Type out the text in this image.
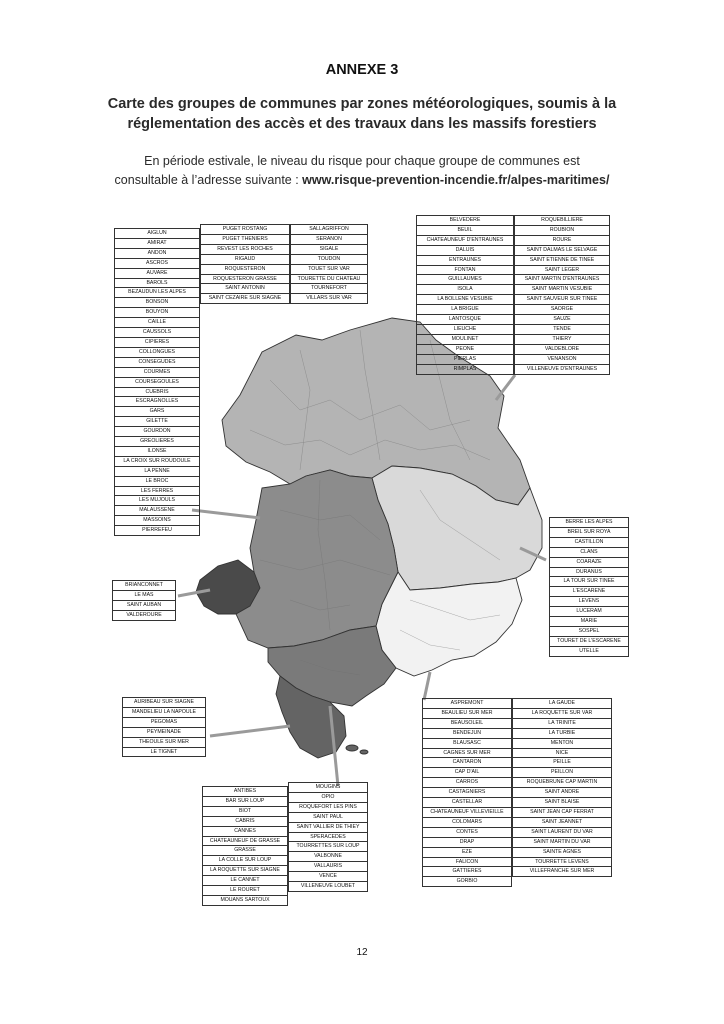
ANNEXE 3
Carte des groupes de communes par zones météorologiques, soumis à la
réglementation des accès et des travaux dans les massifs forestiers
En période estivale, le niveau du risque pour chaque groupe de communes est
consultable à l’adresse suivante : www.risque-prevention-incendie.fr/alpes-maritimes/
AIGLUN
AMIRAT
ANDON
ASCROS
AUVARE
BAROLS
BEZAUDUN LES ALPES
BONSON
BOUYON
CAILLE
CAUSSOLS
CIPIERES
COLLONGUES
CONSEGUDES
COURMES
COURSEGOULES
CUEBRIS
ESCRAGNOLLES
GARS
GILETTE
GOURDON
GREOLIERES
ILONSE
LA CROIX SUR ROUDOULE
LA PENNE
LE BROC
LES FERRES
LES MUJOULS
MALAUSSENE
MASSOINS
PIERREFEU
PUGET ROSTANG
PUGET THENIERS
REVEST LES ROCHES
RIGAUD
ROQUESTERON
ROQUESTERON GRASSE
SAINT ANTONIN
SAINT CEZAIRE SUR SIAGNE
SALLAGRIFFON
SERANON
SIGALE
TOUDON
TOUET SUR VAR
TOURETTE DU CHATEAU
TOURNEFORT
VILLARS SUR VAR
BELVEDERE
BEUIL
CHATEAUNEUF D'ENTRAUNES
DALUIS
ENTRAUNES
FONTAN
GUILLAUMES
ISOLA
LA BOLLENE VESUBIE
LA BRIGUE
LANTOSQUE
LIEUCHE
MOULINET
PEONE
PIERLAS
RIMPLAS
ROQUEBILLIERE
ROUBION
ROURE
SAINT DALMAS LE SELVAGE
SAINT ETIENNE DE TINEE
SAINT LEGER
SAINT MARTIN D'ENTRAUNES
SAINT MARTIN VESUBIE
SAINT SAUVEUR SUR TINEE
SAORGE
SAUZE
TENDE
THIERY
VALDEBLORE
VENANSON
VILLENEUVE D'ENTRAUNES
BERRE LES ALPES
BREIL SUR ROYA
CASTILLON
CLANS
COARAZE
DURANUS
LA TOUR SUR TINEE
L'ESCARENE
LEVENS
LUCERAM
MARIE
SOSPEL
TOURET DE L'ESCARENE
UTELLE
BRIANCONNET
LE MAS
SAINT AUBAN
VALDEROURE
AURIBEAU SUR SIAGNE
MANDELIEU LA NAPOULE
PEGOMAS
PEYMEINADE
THEOULE SUR MER
LE TIGNET
ANTIBES
BAR SUR LOUP
BIOT
CABRIS
CANNES
CHATEAUNEUF DE GRASSE
GRASSE
LA COLLE SUR LOUP
LA ROQUETTE SUR SIAGNE
LE CANNET
LE ROURET
MOUANS SARTOUX
MOUGINS
OPIO
ROQUEFORT LES PINS
SAINT PAUL
SAINT VALLIER DE THIEY
SPERACEDES
TOURRETTES SUR LOUP
VALBONNE
VALLAURIS
VENCE
VILLENEUVE LOUBET
ASPREMONT
BEAULIEU SUR MER
BEAUSOLEIL
BENDEJUN
BLAUSASC
CAGNES SUR MER
CANTARON
CAP D'AIL
CARROS
CASTAGNIERS
CASTELLAR
CHATEAUNEUF VILLEVIEILLE
COLOMARS
CONTES
DRAP
EZE
FALICON
GATTIERES
GORBIO
LA GAUDE
LA ROQUETTE SUR VAR
LA TRINITE
LA TURBIE
MENTON
NICE
PEILLE
PEILLON
ROQUEBRUNE CAP MARTIN
SAINT ANDRE
SAINT BLAISE
SAINT JEAN CAP FERRAT
SAINT JEANNET
SAINT LAURENT DU VAR
SAINT MARTIN DU VAR
SAINTE AGNES
TOURRETTE LEVENS
VILLEFRANCHE SUR MER
12
